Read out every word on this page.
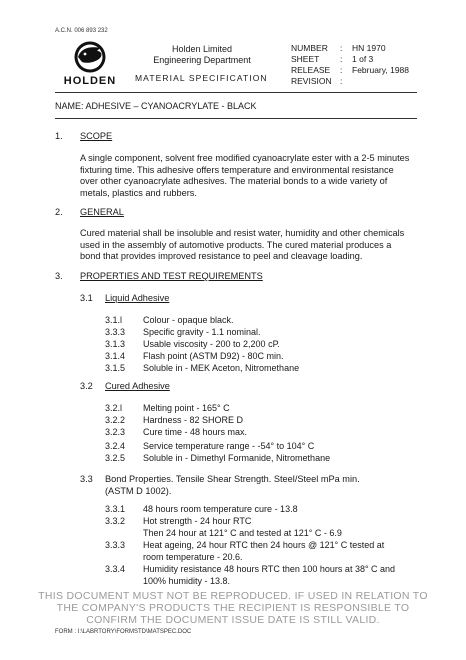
A.C.N. 006 893 232
HOLDEN
Holden Limited
Engineering Department
MATERIAL SPECIFICATION
NUMBER	:	HN 1970
SHEET	:	1 of 3
RELEASE	:	February, 1988
REVISION :
NAME: ADHESIVE – CYANOACRYLATE - BLACK
1. SCOPE
A single component, solvent free modified cyanoacrylate ester with a 2-5 minutes fixturing time. This adhesive offers temperature and environmental resistance over other cyanoacrylate adhesives. The material bonds to a wide variety of metals, plastics and rubbers.
2. GENERAL
Cured material shall be insoluble and resist water, humidity and other chemicals used in the assembly of automotive products. The cured material produces a bond that provides improved resistance to peel and cleavage loading.
3. PROPERTIES AND TEST REQUIREMENTS
3.1 Liquid Adhesive
3.1.l Colour - opaque black.
3.3.3 Specific gravity - 1.1 nominal.
3.1.3 Usable viscosity - 200 to 2,200 cP.
3.1.4 Flash point (ASTM D92) - 80C min.
3.1.5 Soluble in - MEK Aceton, Nitromethane
3.2 Cured Adhesive
3.2.l Melting point - 165° C
3.2.2 Hardness - 82 SHORE D
3.2.3 Cure time - 48 hours max.
3.2.4 Service temperature range - -54° to 104° C
3.2.5 Soluble in - Dimethyl Formanide, Nitromethane
3.3 Bond Properties. Tensile Shear Strength. Steel/Steel mPa min.
(ASTM D 1002).
3.3.1 48 hours room temperature cure - 13.8
3.3.2 Hot strength - 24 hour RTC
Then 24 hour at 121° C and tested at 121° C - 6.9
3.3.3 Heat ageing, 24 hour RTC then 24 hours @ 121° C tested at
room temperature - 20.6.
3.3.4 Humidity resistance 48 hours RTC then 100 hours at 38° C and
100% humidity - 13.8.
THIS DOCUMENT MUST NOT BE REPRODUCED. IF USED IN RELATION TO
THE COMPANY'S PRODUCTS THE RECIPIENT IS RESPONSIBLE TO
CONFIRM THE DOCUMENT ISSUE DATE IS STILL VALID.
FORM : I:\LABRTORY\FORMSTD\MATSPEC.DOC
